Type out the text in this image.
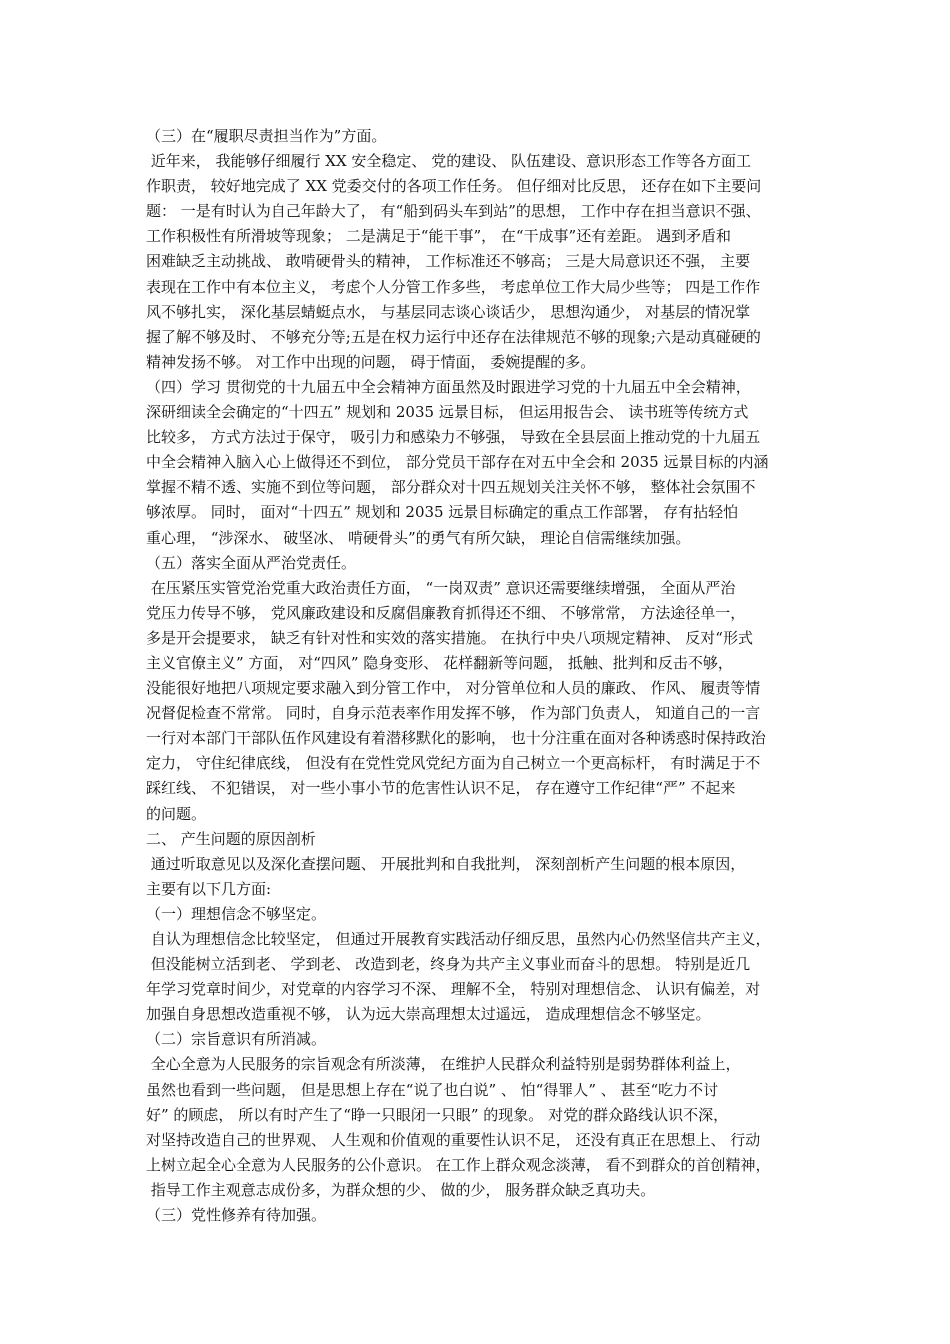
（三）在“履职尽责担当作为”方面。
近年来， 我能够仔细履行 XX 安全稳定、 党的建设、 队伍建设、意识形态工作等各方面工
作职责， 较好地完成了 XX 党委交付的各项工作任务。 但仔细对比反思， 还存在如下主要问
题： 一是有时认为自己年龄大了， 有“船到码头车到站”的思想， 工作中存在担当意识不强、
工作积极性有所滑坡等现象； 二是满足于“能干事”， 在“干成事”还有差距。 遇到矛盾和
困难缺乏主动挑战、 敢啃硬骨头的精神， 工作标准还不够高； 三是大局意识还不强， 主要
表现在工作中有本位主义， 考虑个人分管工作多些， 考虑单位工作大局少些等； 四是工作作
风不够扎实， 深化基层蜻蜓点水， 与基层同志谈心谈话少， 思想沟通少， 对基层的情况掌
握了解不够及时、 不够充分等;五是在权力运行中还存在法律规范不够的现象;六是动真碰硬的
精神发扬不够。 对工作中出现的问题， 碍于情面， 委婉提醒的多。
（四）学习 贯彻党的十九届五中全会精神方面虽然及时跟进学习党的十九届五中全会精神，
深研细读全会确定的“十四五” 规划和 2035 远景目标， 但运用报告会、 读书班等传统方式
比较多， 方式方法过于保守， 吸引力和感染力不够强， 导致在全县层面上推动党的十九届五
中全会精神入脑入心上做得还不到位， 部分党员干部存在对五中全会和 2035 远景目标的内涵
掌握不精不透、实施不到位等问题， 部分群众对十四五规划关注关怀不够， 整体社会氛围不
够浓厚。 同时， 面对“十四五” 规划和 2035 远景目标确定的重点工作部署， 存有拈轻怕
重心理， “涉深水、 破坚冰、 啃硬骨头”的勇气有所欠缺， 理论自信需继续加强。
（五）落实全面从严治党责任。
在压紧压实管党治党重大政治责任方面， “一岗双责” 意识还需要继续增强， 全面从严治
党压力传导不够， 党风廉政建设和反腐倡廉教育抓得还不细、 不够常常， 方法途径单一，
多是开会提要求， 缺乏有针对性和实效的落实措施。 在执行中央八项规定精神、 反对“形式
主义官僚主义” 方面， 对“四风” 隐身变形、 花样翻新等问题， 抵触、批判和反击不够，
没能很好地把八项规定要求融入到分管工作中， 对分管单位和人员的廉政、 作风、 履责等情
况督促检查不常常。 同时，自身示范表率作用发挥不够， 作为部门负责人， 知道自己的一言
一行对本部门干部队伍作风建设有着潜移默化的影响， 也十分注重在面对各种诱惑时保持政治
定力， 守住纪律底线， 但没有在党性党风党纪方面为自己树立一个更高标杆， 有时满足于不
踩红线、 不犯错误， 对一些小事小节的危害性认识不足， 存在遵守工作纪律“严” 不起来
的问题。
二、 产生问题的原因剖析
通过听取意见以及深化查摆问题、 开展批判和自我批判， 深刻剖析产生问题的根本原因，
主要有以下几方面:
（一）理想信念不够坚定。
自认为理想信念比较坚定， 但通过开展教育实践活动仔细反思，虽然内心仍然坚信共产主义，
但没能树立活到老、 学到老、 改造到老，终身为共产主义事业而奋斗的思想。 特别是近几
年学习党章时间少，对党章的内容学习不深、 理解不全， 特别对理想信念、 认识有偏差，对
加强自身思想改造重视不够， 认为远大崇高理想太过遥远， 造成理想信念不够坚定。
（二）宗旨意识有所消减。
全心全意为人民服务的宗旨观念有所淡薄， 在维护人民群众利益特别是弱势群体利益上，
虽然也看到一些问题， 但是思想上存在“说了也白说” 、 怕“得罪人” 、 甚至“吃力不讨
好” 的顾虑， 所以有时产生了“睁一只眼闭一只眼” 的现象。 对党的群众路线认识不深，
对坚持改造自己的世界观、 人生观和价值观的重要性认识不足， 还没有真正在思想上、 行动
上树立起全心全意为人民服务的公仆意识。 在工作上群众观念淡薄， 看不到群众的首创精神，
指导工作主观意志成份多，为群众想的少、 做的少， 服务群众缺乏真功夫。
（三）党性修养有待加强。
